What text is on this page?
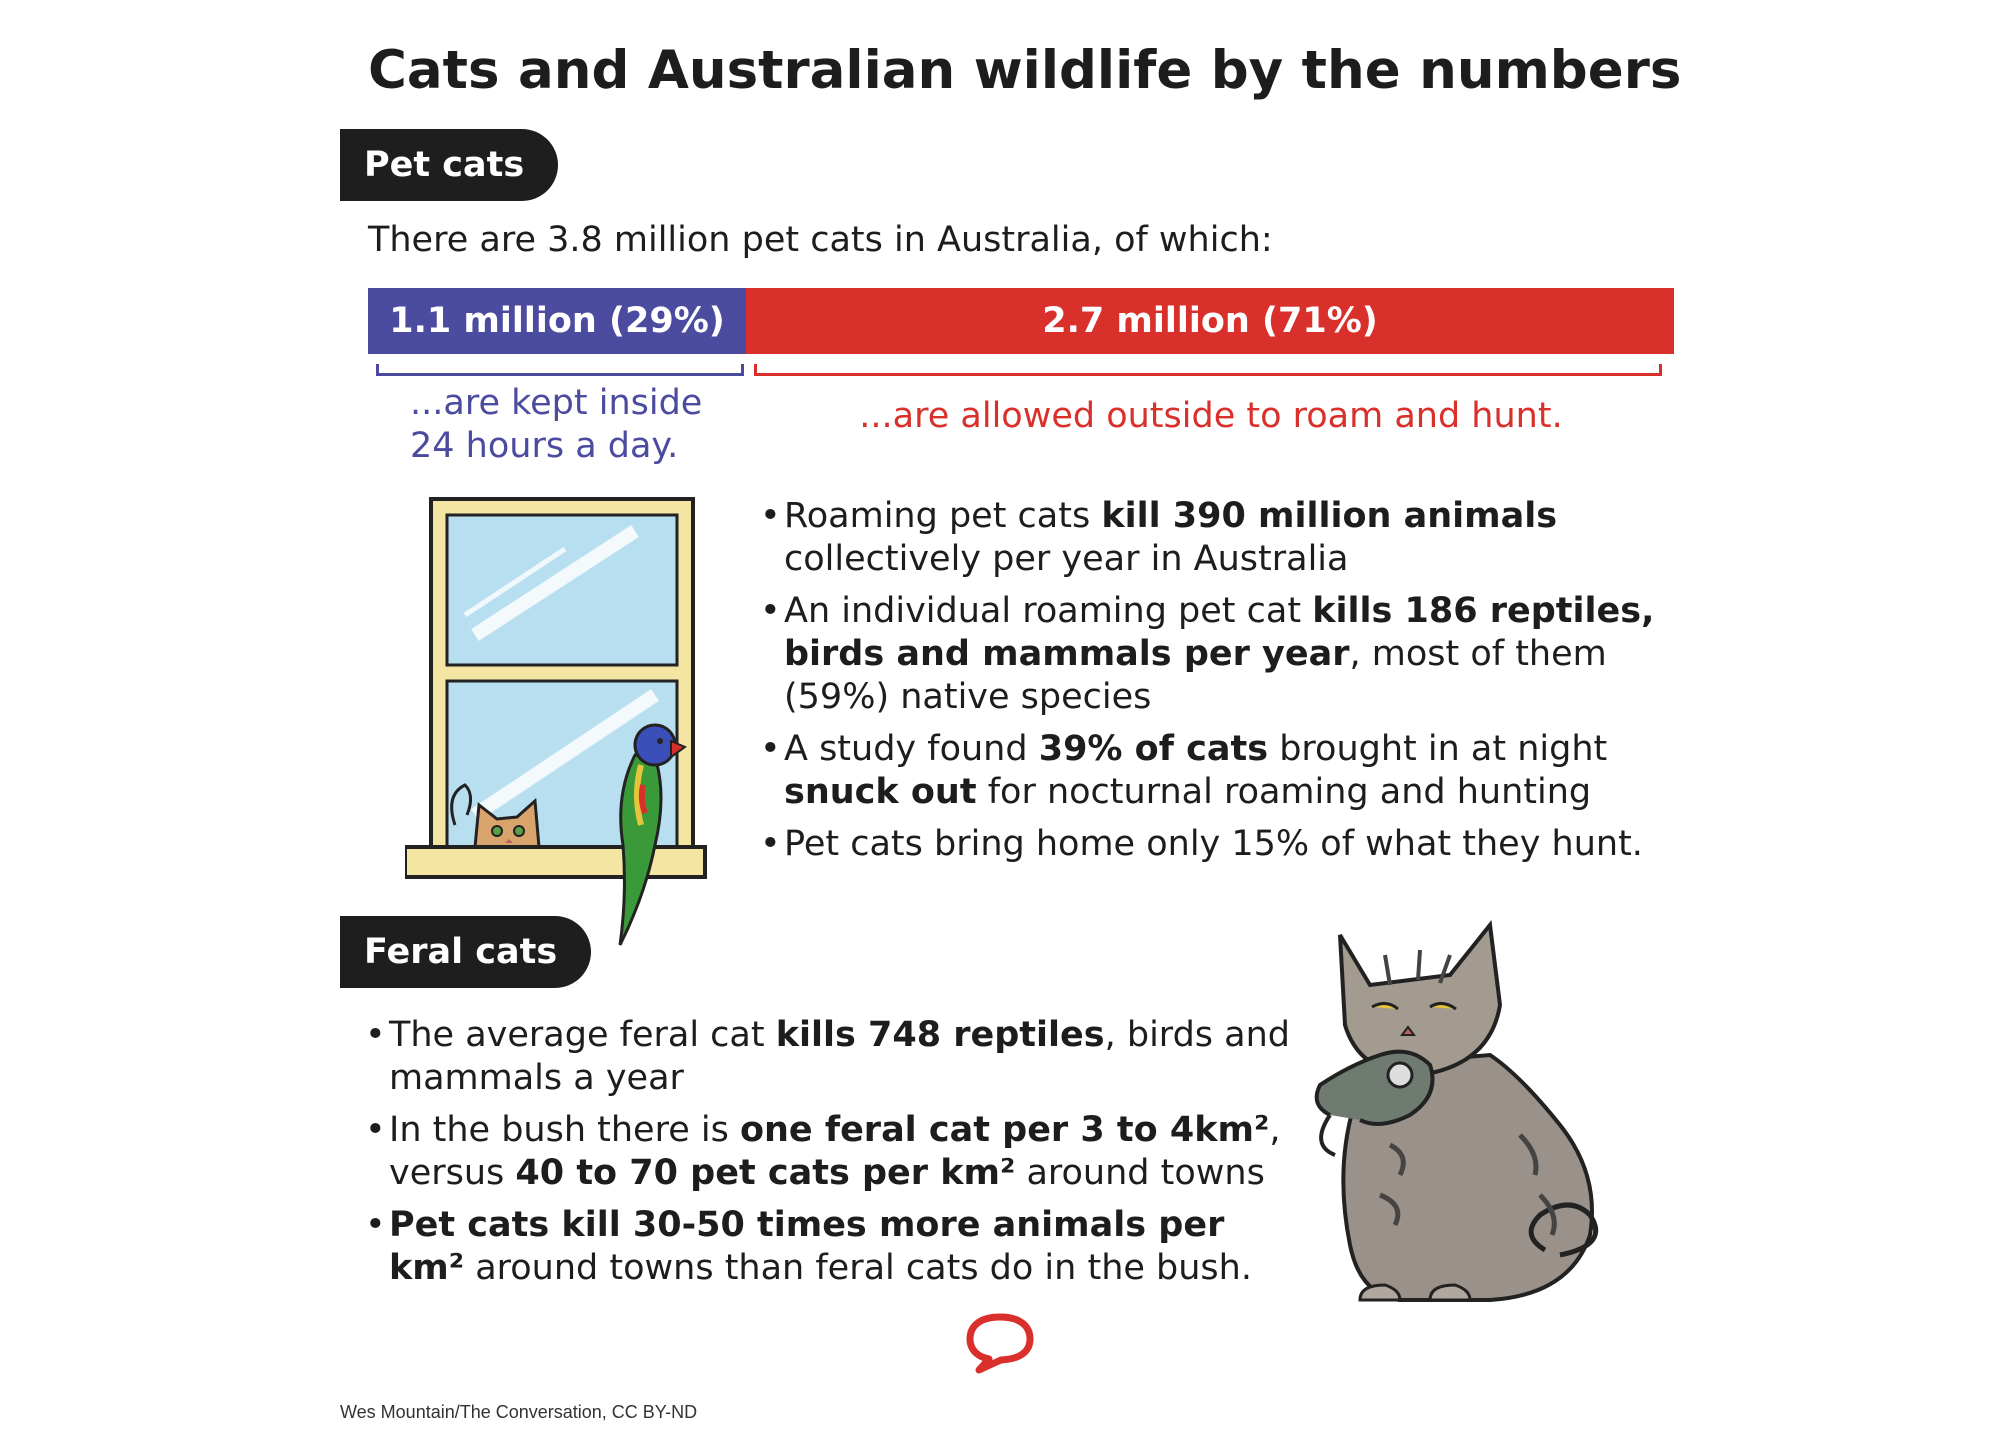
Cats and Australian wildlife by the numbers
Pet cats
There are 3.8 million pet cats in Australia, of which:
1.1 million (29%)	2.7 million (71%)
...are kept inside
24 hours a day.
...are allowed outside to roam and hunt.
• Roaming pet cats kill 390 million animals collectively per year in Australia
• An individual roaming pet cat kills 186 reptiles, birds and mammals per year, most of them (59%) native species
• A study found 39% of cats brought in at night snuck out for nocturnal roaming and hunting
• Pet cats bring home only 15% of what they hunt.
Feral cats
• The average feral cat kills 748 reptiles, birds and mammals a year
• In the bush there is one feral cat per 3 to 4km², versus 40 to 70 pet cats per km² around towns
• Pet cats kill 30-50 times more animals per km² around towns than feral cats do in the bush.
Wes Mountain/The Conversation, CC BY-ND
